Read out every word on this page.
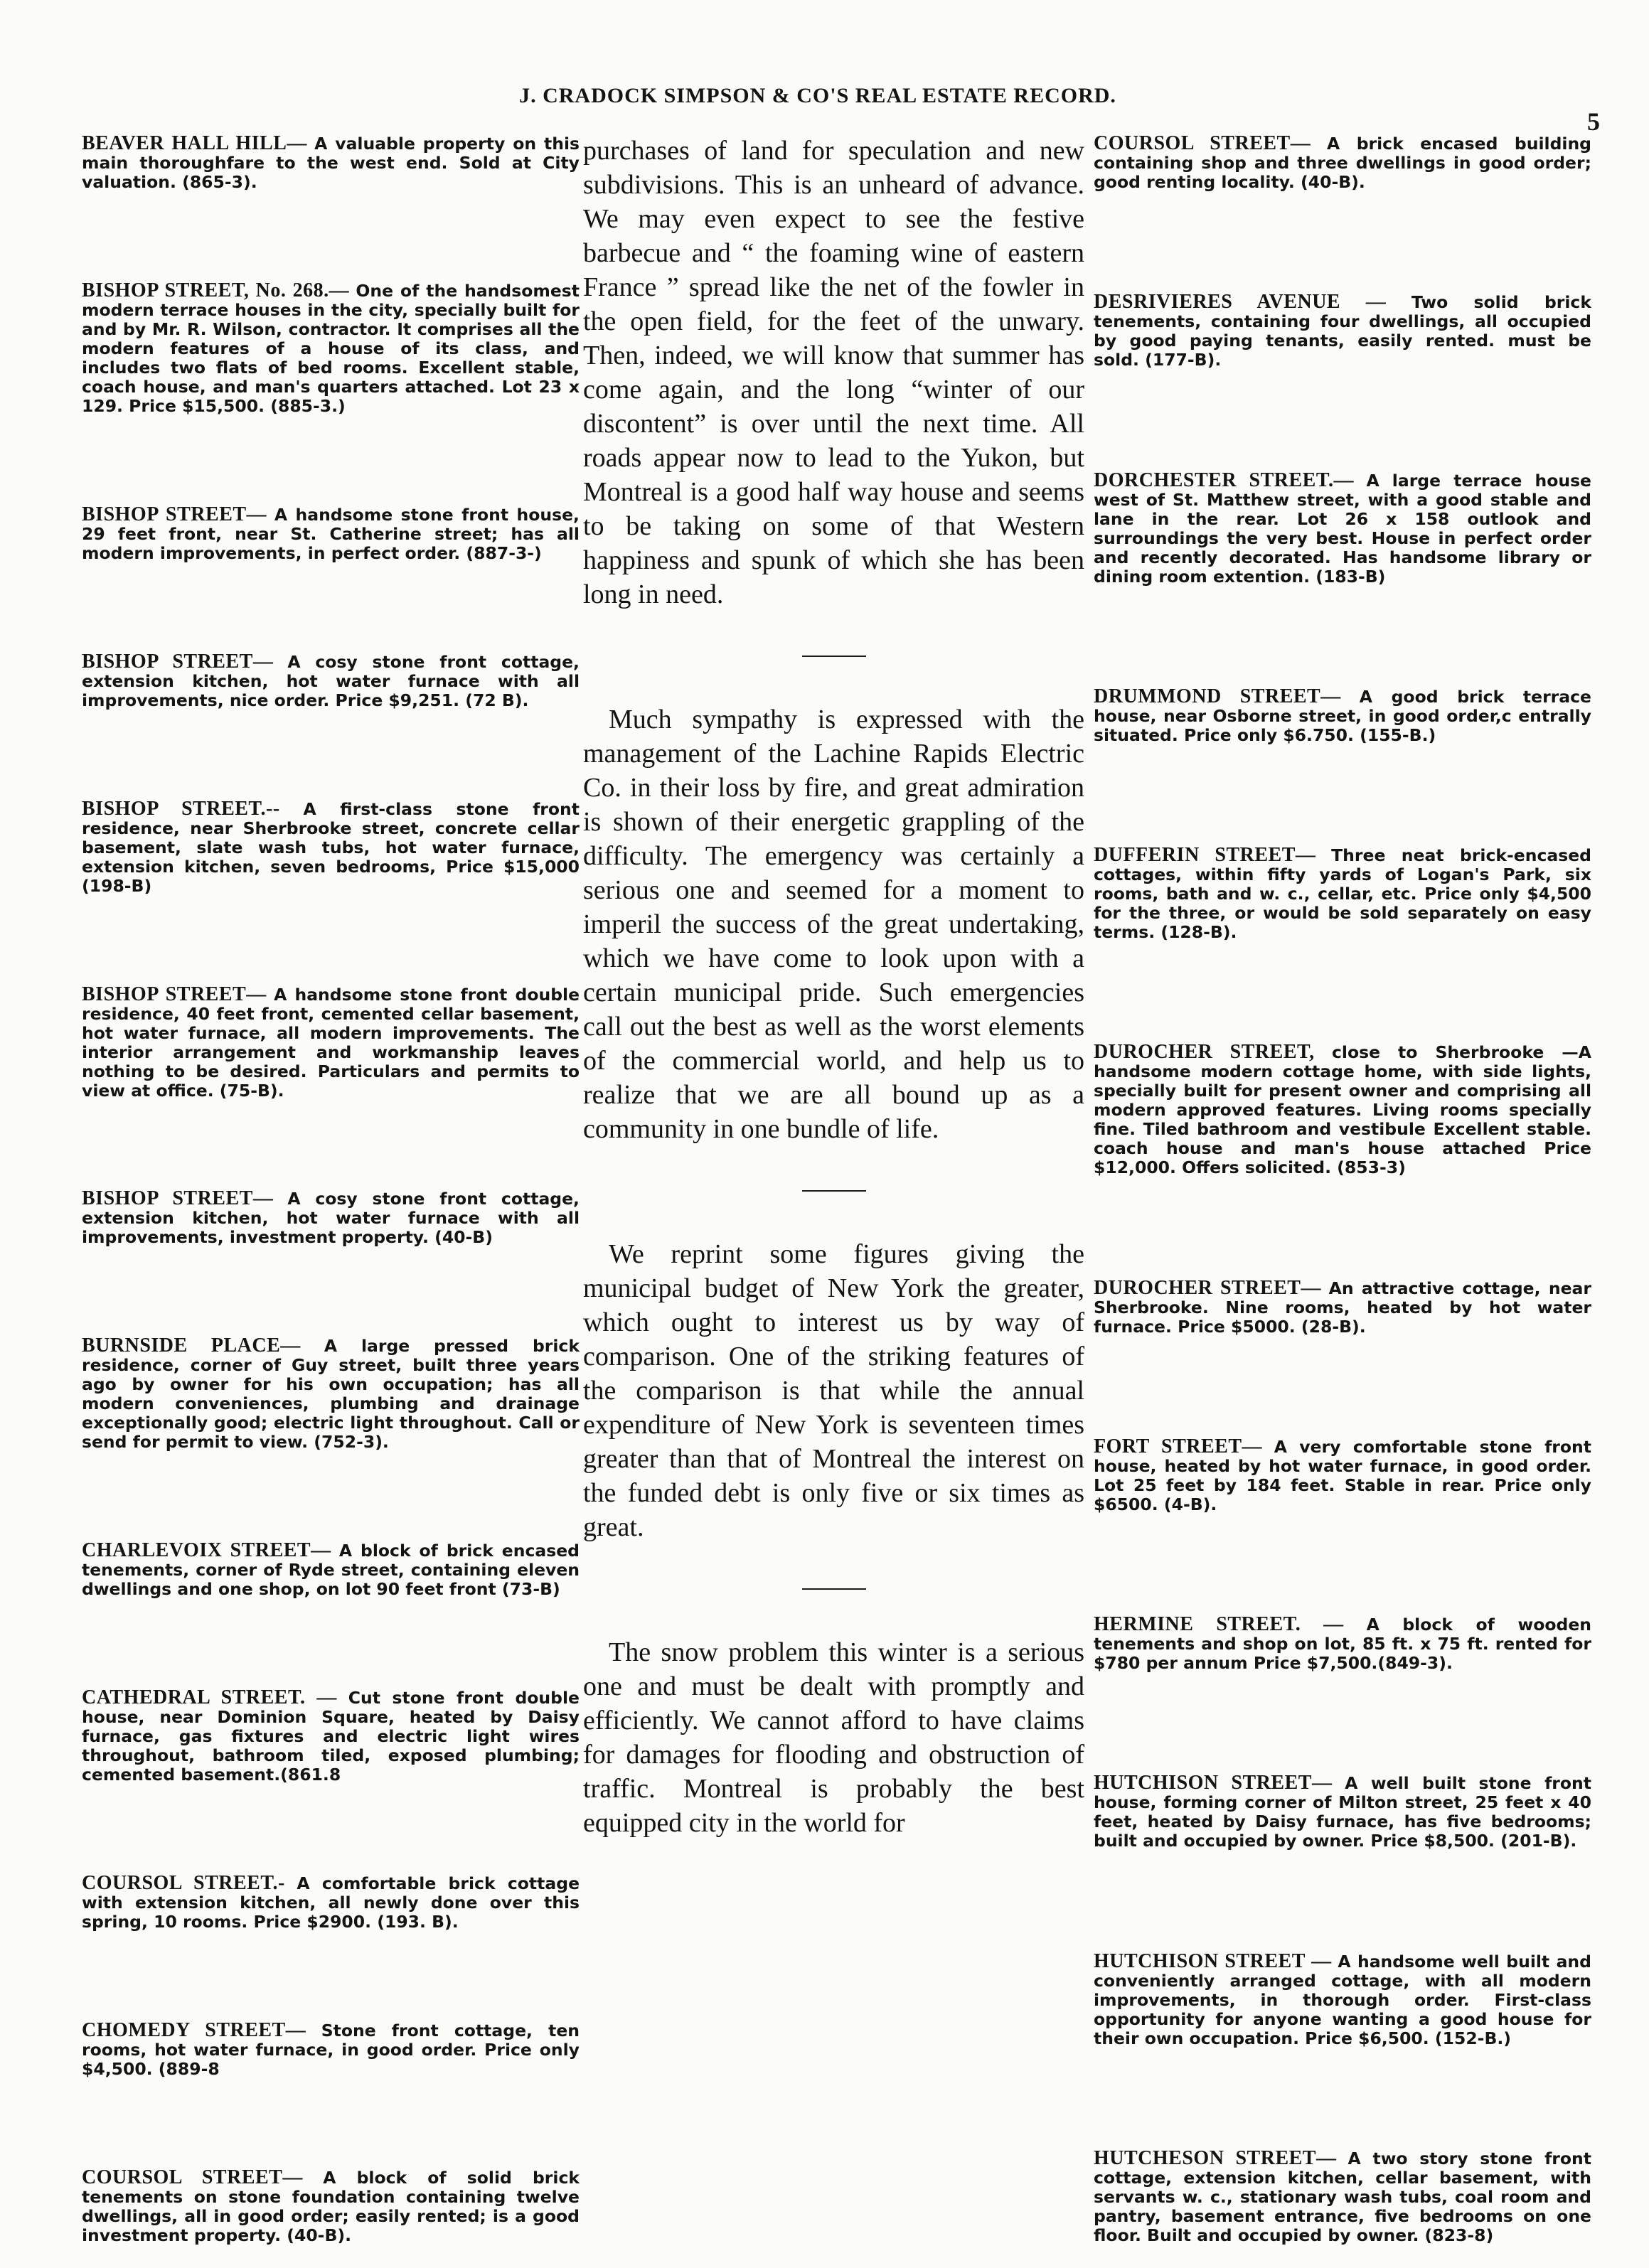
J. CRADOCK SIMPSON & CO'S REAL ESTATE RECORD.
5

BEAVER HALL HILL— A valuable property on this main thoroughfare to the west end. Sold at City valuation. (865-3).

BISHOP STREET, No. 268.— One of the handsomest modern terrace houses in the city, specially built for and by Mr. R. Wilson, contractor. It comprises all the modern features of a house of its class, and includes two flats of bed rooms. Excellent stable, coach house, and man's quarters attached. Lot 23 x 129. Price $15,500. (885-3.)

BISHOP STREET— A handsome stone front house, 29 feet front, near St. Catherine street; has all modern improvements, in perfect order. (887-3-)

BISHOP STREET— A cosy stone front cottage, extension kitchen, hot water furnace with all improvements, nice order. Price $9,251. (72 B).

BISHOP STREET.-- A first-class stone front residence, near Sherbrooke street, concrete cellar basement, slate wash tubs, hot water furnace, extension kitchen, seven bedrooms, Price $15,000 (198-B)

BISHOP STREET— A handsome stone front double residence, 40 feet front, cemented cellar basement, hot water furnace, all modern improvements. The interior arrangement and workmanship leaves nothing to be desired. Particulars and permits to view at office. (75-B).

BISHOP STREET— A cosy stone front cottage, extension kitchen, hot water furnace with all improvements, investment property. (40-B)

BURNSIDE PLACE— A large pressed brick residence, corner of Guy street, built three years ago by owner for his own occupation; has all modern conveniences, plumbing and drainage exceptionally good; electric light throughout. Call or send for permit to view. (752-3).

CHARLEVOIX STREET— A block of brick encased tenements, corner of Ryde street, containing eleven dwellings and one shop, on lot 90 feet front (73-B)

CATHEDRAL STREET. — Cut stone front double house, near Dominion Square, heated by Daisy furnace, gas fixtures and electric light wires throughout, bathroom tiled, exposed plumbing; cemented basement.(861.8

COURSOL STREET.- A comfortable brick cottage with extension kitchen, all newly done over this spring, 10 rooms. Price $2900. (193. B).

CHOMEDY STREET— Stone front cottage, ten rooms, hot water furnace, in good order. Price only $4,500. (889-8

COURSOL STREET— A block of solid brick tenements on stone foundation containing twelve dwellings, all in good order; easily rented; is a good investment property. (40-B).

purchases of land for speculation and new subdivisions. This is an unheard of advance. We may even expect to see the festive barbecue and “ the foaming wine of eastern France ” spread like the net of the fowler in the open field, for the feet of the unwary. Then, indeed, we will know that summer has come again, and the long “winter of our discontent” is over until the next time. All roads appear now to lead to the Yukon, but Montreal is a good half way house and seems to be taking on some of that Western happiness and spunk of which she has been long in need.

Much sympathy is expressed with the management of the Lachine Rapids Electric Co. in their loss by fire, and great admiration is shown of their energetic grappling of the difficulty. The emergency was certainly a serious one and seemed for a moment to imperil the success of the great undertaking, which we have come to look upon with a certain municipal pride. Such emergencies call out the best as well as the worst elements of the commercial world, and help us to realize that we are all bound up as a community in one bundle of life.

We reprint some figures giving the municipal budget of New York the greater, which ought to interest us by way of comparison. One of the striking features of the comparison is that while the annual expenditure of New York is seventeen times greater than that of Montreal the interest on the funded debt is only five or six times as great.

The snow problem this winter is a serious one and must be dealt with promptly and efficiently. We cannot afford to have claims for damages for flooding and obstruction of traffic. Montreal is probably the best equipped city in the world for

COURSOL STREET— A brick encased building containing shop and three dwellings in good order; good renting locality. (40-B).

DESRIVIERES AVENUE — Two solid brick tenements, containing four dwellings, all occupied by good paying tenants, easily rented. must be sold. (177-B).

DORCHESTER STREET.— A large terrace house west of St. Matthew street, with a good stable and lane in the rear. Lot 26 x 158 outlook and surroundings the very best. House in perfect order and recently decorated. Has handsome library or dining room extention. (183-B)

DRUMMOND STREET— A good brick terrace house, near Osborne street, in good order,c entrally situated. Price only $6.750. (155-B.)

DUFFERIN STREET— Three neat brick-encased cottages, within fifty yards of Logan's Park, six rooms, bath and w. c., cellar, etc. Price only $4,500 for the three, or would be sold separately on easy terms. (128-B).

DUROCHER STREET, close to Sherbrooke —A handsome modern cottage home, with side lights, specially built for present owner and comprising all modern approved features. Living rooms specially fine. Tiled bathroom and vestibule Excellent stable. coach house and man's house attached Price $12,000. Offers solicited. (853-3)

DUROCHER STREET— An attractive cottage, near Sherbrooke. Nine rooms, heated by hot water furnace. Price $5000. (28-B).

FORT STREET— A very comfortable stone front house, heated by hot water furnace, in good order. Lot 25 feet by 184 feet. Stable in rear. Price only $6500. (4-B).

HERMINE STREET. — A block of wooden tenements and shop on lot, 85 ft. x 75 ft. rented for $780 per annum Price $7,500.(849-3).

HUTCHISON STREET— A well built stone front house, forming corner of Milton street, 25 feet x 40 feet, heated by Daisy furnace, has five bedrooms; built and occupied by owner. Price $8,500. (201-B).

HUTCHISON STREET — A handsome well built and conveniently arranged cottage, with all modern improvements, in thorough order. First-class opportunity for anyone wanting a good house for their own occupation. Price $6,500. (152-B.)

HUTCHESON STREET— A two story stone front cottage, extension kitchen, cellar basement, with servants w. c., stationary wash tubs, coal room and pantry, basement entrance, five bedrooms on one floor. Built and occupied by owner. (823-8)
